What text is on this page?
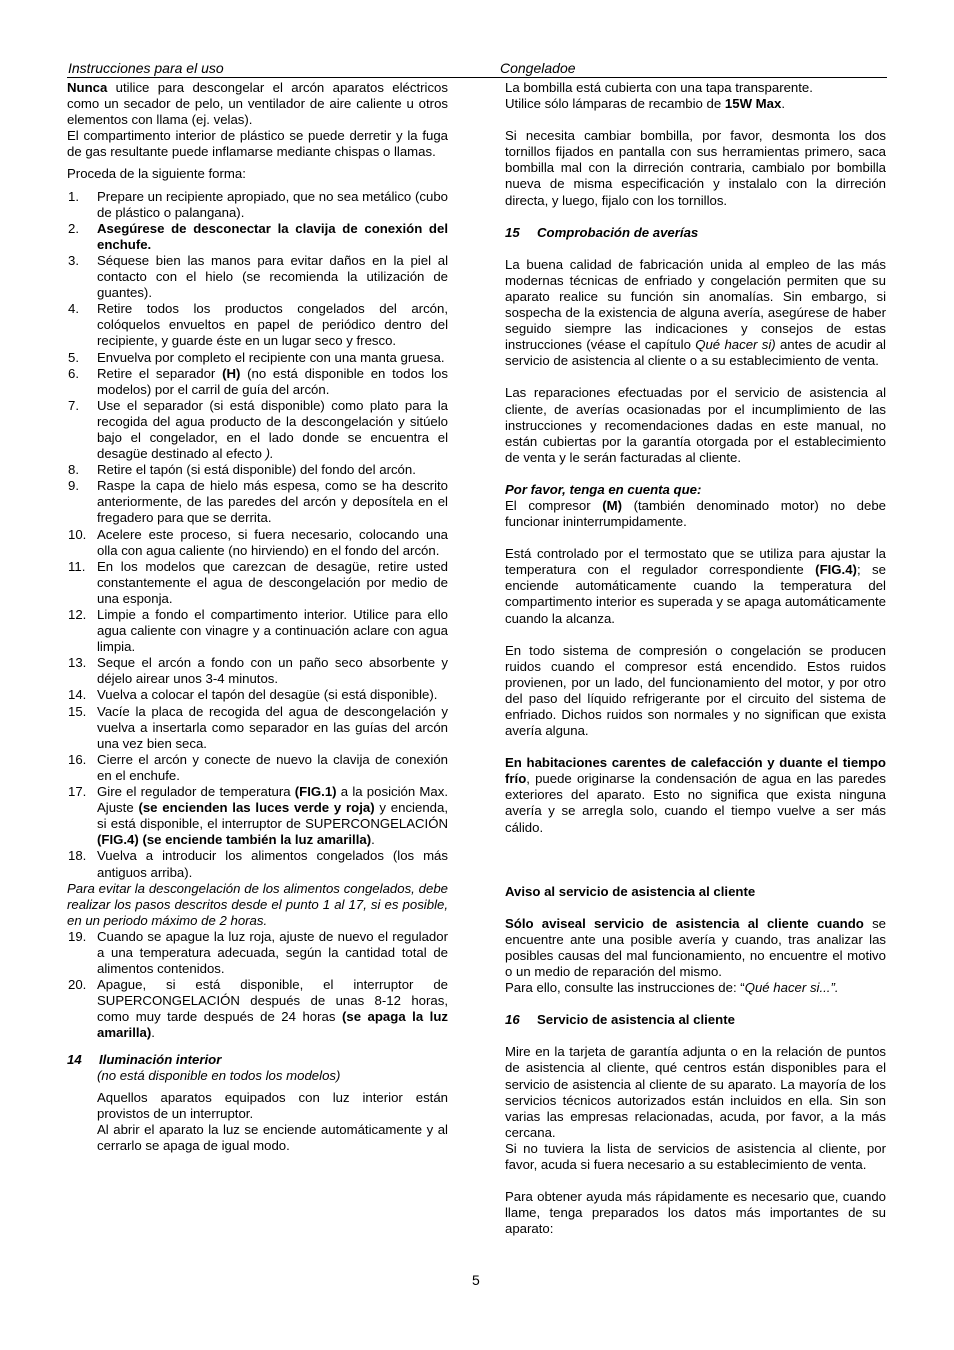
Instrucciones para el uso	Congeladoe

Nunca utilice para descongelar el arcón aparatos eléctricos como un secador de pelo, un ventilador de aire caliente u otros elementos con llama (ej. velas).

El compartimento interior de plástico se puede derretir y la fuga de gas resultante puede inflamarse mediante chispas o llamas.

Proceda de la siguiente forma:

1. Prepare un recipiente apropiado, que no sea metálico (cubo de plástico o palangana).
2. Asegúrese de desconectar la clavija de conexión del enchufe.
3. Séquese bien las manos para evitar daños en la piel al contacto con el hielo (se recomienda la utilización de guantes).
4. Retire todos los productos congelados del arcón, colóquelos envueltos en papel de periódico dentro del recipiente, y guarde éste en un lugar seco y fresco.
5. Envuelva por completo el recipiente con una manta gruesa.
6. Retire el separador (H) (no está disponible en todos los modelos) por el carril de guía del arcón.
7. Use el separador (si está disponible) como plato para la recogida del agua producto de la descongelación y sitúelo bajo el congelador, en el lado donde se encuentra el desagüe destinado al efecto ).
8. Retire el tapón (si está disponible) del fondo del arcón.
9. Raspe la capa de hielo más espesa, como se ha descrito anteriormente, de las paredes del arcón y deposítela en el fregadero para que se derrita.
10. Acelere este proceso, si fuera necesario, colocando una olla con agua caliente (no hirviendo) en el fondo del arcón.
11. En los modelos que carezcan de desagüe, retire usted constantemente el agua de descongelación por medio de una esponja.
12. Limpie a fondo el compartimento interior. Utilice para ello agua caliente con vinagre y a continuación aclare con agua limpia.
13. Seque el arcón a fondo con un paño seco absorbente y déjelo airear unos 3-4 minutos.
14. Vuelva a colocar el tapón del desagüe (si está disponible).
15. Vacíe la placa de recogida del agua de descongelación y vuelva a insertarla como separador en las guías del arcón una vez bien seca.
16. Cierre el arcón y conecte de nuevo la clavija de conexión en el enchufe.
17. Gire el regulador de temperatura (FIG.1) a la posición Max. Ajuste (se encienden las luces verde y roja) y encienda, si está disponible, el interruptor de SUPERCONGELACIÓN (FIG.4) (se enciende también la luz amarilla).
18. Vuelva a introducir los alimentos congelados (los más antiguos arriba).

Para evitar la descongelación de los alimentos congelados, debe realizar los pasos descritos desde el punto 1 al 17, si es posible, en un periodo máximo de 2 horas.

19. Cuando se apague la luz roja, ajuste de nuevo el regulador a una temperatura adecuada, según la cantidad total de alimentos contenidos.
20. Apague, si está disponible, el interruptor de SUPERCONGELACIÓN después de unas 8-12 horas, como muy tarde después de 24 horas (se apaga la luz amarilla).

14 Iluminación interior

(no está disponible en todos los modelos)

Aquellos aparatos equipados con luz interior están provistos de un interruptor.

Al abrir el aparato la luz se enciende automáticamente y al cerrarlo se apaga de igual modo.

La bombilla está cubierta con una tapa transparente.

Utilice sólo lámparas de recambio de 15W Max.

Si necesita cambiar bombilla, por favor, desmonta los dos tornillos fijados en pantalla con sus herramientas primero, saca bombilla mal con la dirreción contraria, cambialo por bombilla nueva de misma especificación y instalalo con la dirreción directa, y luego, fijalo con los tornillos.

15 Comprobación de averías

La buena calidad de fabricación unida al empleo de las más modernas técnicas de enfriado y congelación permiten que su aparato realice su función sin anomalías. Sin embargo, si sospecha de la existencia de alguna avería, asegúrese de haber seguido siempre las indicaciones y consejos de estas instrucciones (véase el capítulo Qué hacer si) antes de acudir al servicio de asistencia al cliente o a su establecimiento de venta.

Las reparaciones efectuadas por el servicio de asistencia al cliente, de averías ocasionadas por el incumplimiento de las instrucciones y recomendaciones dadas en este manual, no están cubiertas por la garantía otorgada por el establecimiento de venta y le serán facturadas al cliente.

Por favor, tenga en cuenta que:

El compresor (M) (también denominado motor) no debe funcionar ininterrumpidamente.

Está controlado por el termostato que se utiliza para ajustar la temperatura con el regulador correspondiente (FIG.4); se enciende automáticamente cuando la temperatura del compartimento interior es superada y se apaga automáticamente cuando la alcanza.

En todo sistema de compresión o congelación se producen ruidos cuando el compresor está encendido. Estos ruidos provienen, por un lado, del funcionamiento del motor, y por otro del paso del líquido refrigerante por el circuito del sistema de enfriado. Dichos ruidos son normales y no significan que exista avería alguna.

En habitaciones carentes de calefacción y duante el tiempo frío, puede originarse la condensación de agua en las paredes exteriores del aparato. Esto no significa que exista ninguna avería y se arregla solo, cuando el tiempo vuelve a ser más cálido.

Aviso al servicio de asistencia al cliente

Sólo aviseal servicio de asistencia al cliente cuando se encuentre ante una posible avería y cuando, tras analizar las posibles causas del mal funcionamiento, no encuentre el motivo o un medio de reparación del mismo.

Para ello, consulte las instrucciones de: “Qué hacer si...”.

16 Servicio de asistencia al cliente

Mire en la tarjeta de garantía adjunta o en la relación de puntos de asistencia al cliente, qué centros están disponibles para el servicio de asistencia al cliente de su aparato. La mayoría de los servicios técnicos autorizados están incluidos en ella. Sin son varias las empresas relacionadas, acuda, por favor, a la más cercana.

Si no tuviera la lista de servicios de asistencia al cliente, por favor, acuda si fuera necesario a su establecimiento de venta.

Para obtener ayuda más rápidamente es necesario que, cuando llame, tenga preparados los datos más importantes de su aparato:

5
